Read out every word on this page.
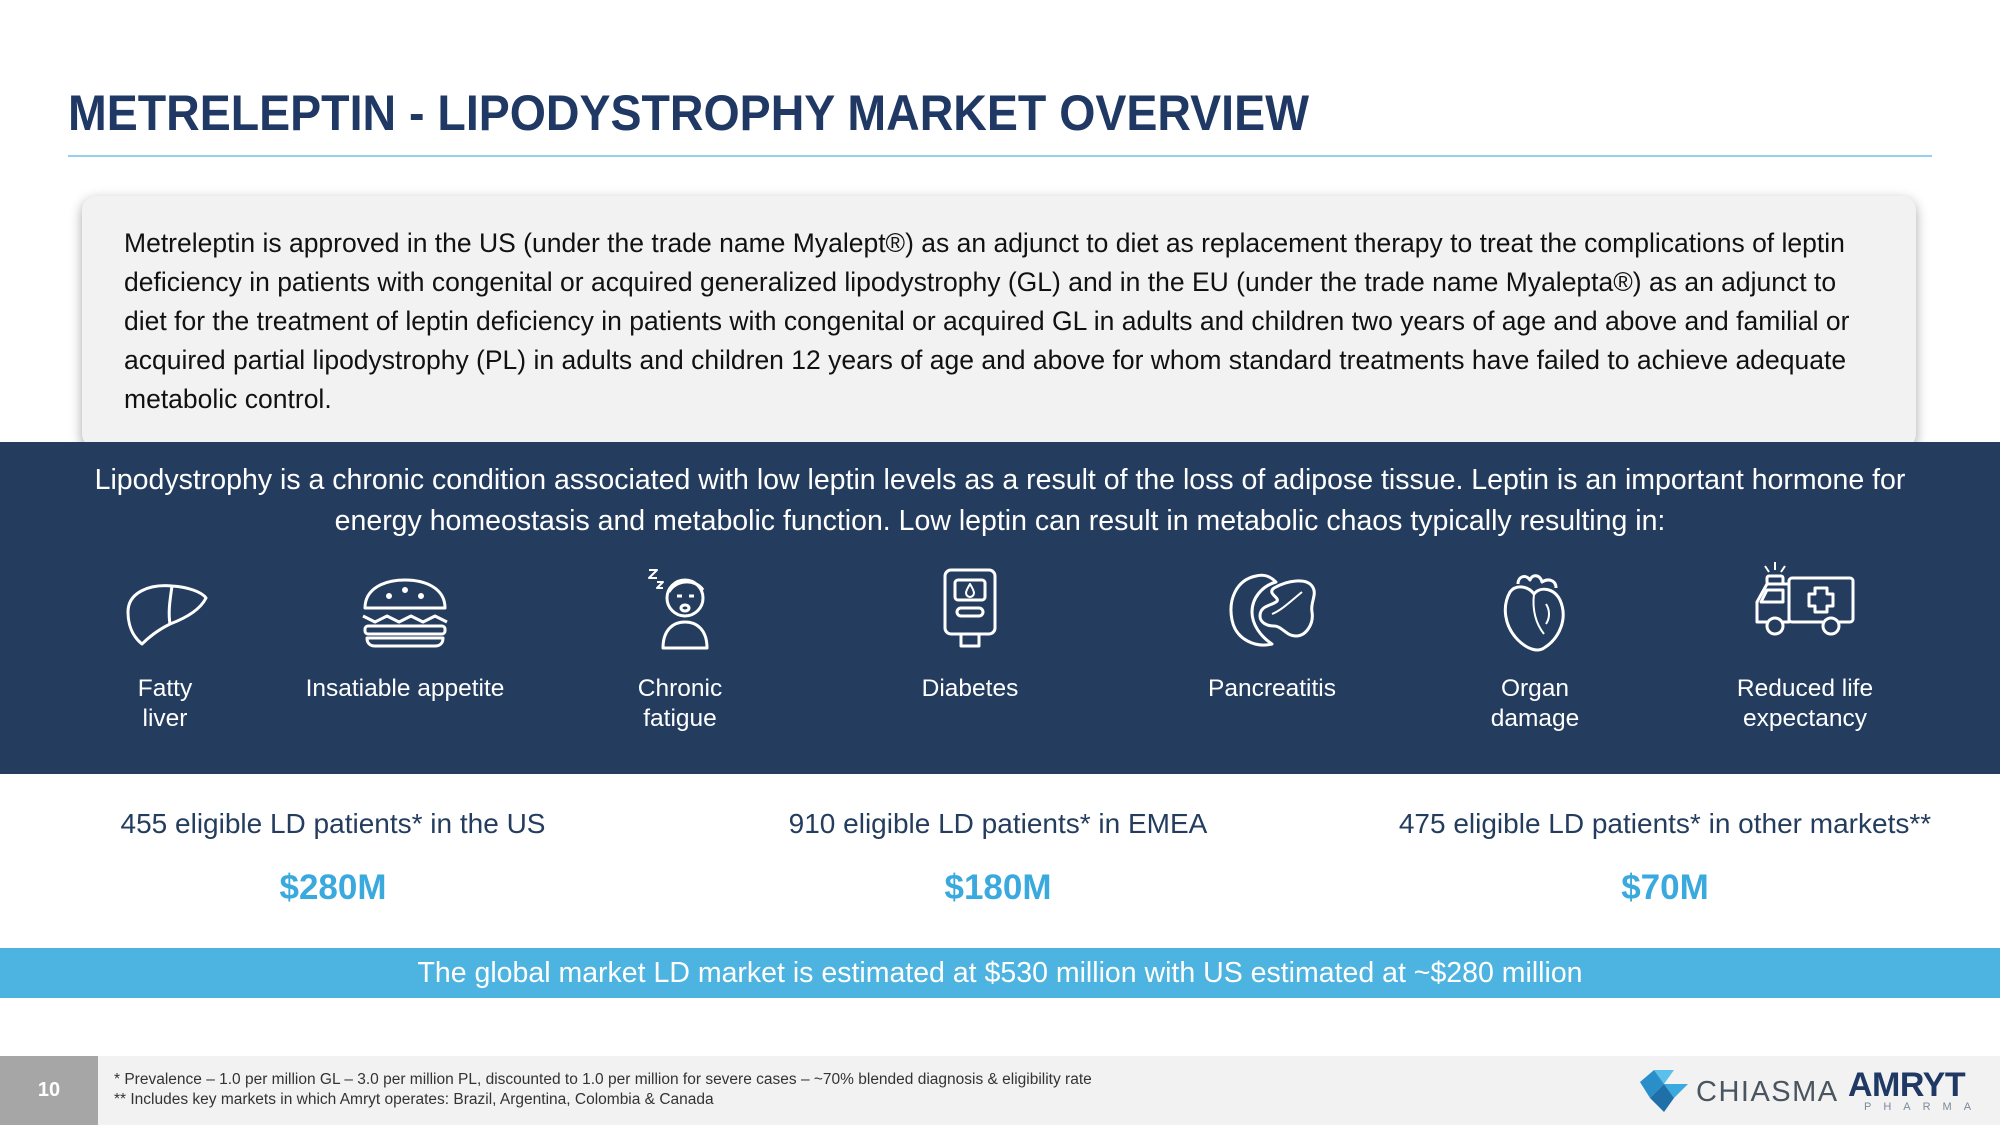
METRELEPTIN - LIPODYSTROPHY MARKET OVERVIEW

Metreleptin is approved in the US (under the trade name Myalept®) as an adjunct to diet as replacement therapy to treat the complications of leptin deficiency in patients with congenital or acquired generalized lipodystrophy (GL) and in the EU (under the trade name Myalepta®) as an adjunct to diet for the treatment of leptin deficiency in patients with congenital or acquired GL in adults and children two years of age and above and familial or acquired partial lipodystrophy (PL) in adults and children 12 years of age and above for whom standard treatments have failed to achieve adequate metabolic control.

Lipodystrophy is a chronic condition associated with low leptin levels as a result of the loss of adipose tissue. Leptin is an important hormone for energy homeostasis and metabolic function. Low leptin can result in metabolic chaos typically resulting in:

Fatty
liver
Insatiable appetite	Chronic
fatigue
Diabetes	Pancreatitis	Organ
damage
Reduced life
expectancy
455 eligible LD patients* in the US
$280M
910 eligible LD patients* in EMEA
$180M
475 eligible LD patients* in other markets**
$70M
The global market LD market is estimated at $530 million with US estimated at ~$280 million
10	* Prevalence – 1.0 per million GL – 3.0 per million PL, discounted to 1.0 per million for severe cases – ~70% blended diagnosis & eligibility rate
** Includes key markets in which Amryt operates: Brazil, Argentina, Colombia & Canada	CHIASMA AMRYT
PHARMA
